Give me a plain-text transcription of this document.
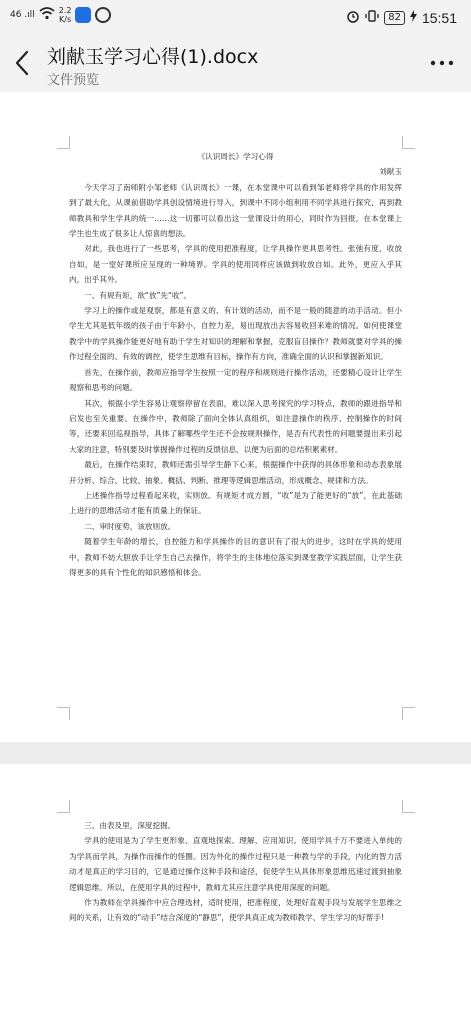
46 .ıll	2.2
K/s	82 15:51
刘献玉学习心得(1).docx
文件预览

《认识周长》学习心得

刘献玉

今天学习了南师附小邹老师《认识周长》一课，在本堂课中可以看到邹老师将学具的作用发挥到了最大化，从课前借助学具创设情境进行导入，到课中不同小组利用不同学具进行探究，再到教师教具和学生学具的统一……这一切都可以看出这一堂课设计的用心，同时作为回报，在本堂课上学生也生成了很多让人惊喜的想法。

对此，我也进行了一些思考，学具的使用把准程度，让学具操作更具思考性。张弛有度、收放自如，是一堂好课所应呈现的一种境界。学具的使用同样应该做到收放自如。此外，更应入乎其内，出乎其外。

一、有规有矩，欲“放”先“收”。

学习上的操作或是观察，都是有意义的、有计划的活动，而不是一般的随意的动手活动。但小学生尤其是低年级的孩子由于年龄小，自控力差，易出现放出去容易收回来难的情况。如何使课堂教学中的学具操作能更好地有助于学生对知识的理解和掌握，克服盲目操作？教师就要对学具的操作过程全面的、有效的调控，使学生思维有目标，操作有方向，准确全面的认识和掌握新知识。

首先，在操作前，教师应指导学生按照一定的程序和规则进行操作活动，还要精心设计让学生观察和思考的问题。

其次，根据小学生容易让观察停留在表面，难以深入思考探究的学习特点，教师的跟进指导和启发也至关重要。在操作中，教师除了面向全体认真组织，如注意操作的秩序、控制操作的时间等，还要来回巡视指导，具体了解哪些学生还不会按规则操作，是否有代表性的问题要提出来引起大家的注意，特别要及时掌握操作过程的反馈信息，以便为后面的总结积累素材。

最后，在操作结束时，教师还需引导学生静下心来，根据操作中获得的具体形象和动态表象展开分析、综合、比较、抽象、概括、判断、推理等逻辑思维活动，形成概念、规律和方法。

上述操作指导过程看起来收，实则放。有规矩才成方圆，“收”是为了能更好的“放”，在此基础上进行的思维活动才能有质量上的保证。

二、审时度势，该放则放。

随着学生年龄的增长，自控能力和学具操作的目的意识有了很大的进步，这时在学具的使用中，教师不妨大胆放手让学生自己去操作，将学生的主体地位落实到课堂教学实践层面，让学生获得更多的具有个性化的知识感悟和体会。

三、由表及里，深度挖掘。

学具的使用是为了学生更形象、直观地探索、理解、应用知识。使用学具千万不要进入单纯的为学具而学具，为操作而操作的怪圈。因为外化的操作过程只是一种教与学的手段，内化的智力活动才是真正的学习目的，它是通过操作这种手段和途径，促使学生从具体形象思维迅速过渡到抽象逻辑思维。所以，在使用学具的过程中，教师尤其应注意学具使用深度的问题。

作为教师在学具操作中应合理选材，适时使用，把准程度，处理好直观手段与发展学生思维之间的关系，让有效的“动手”结合深度的“静思”，使学具真正成为教师教学、学生学习的好帮手!
